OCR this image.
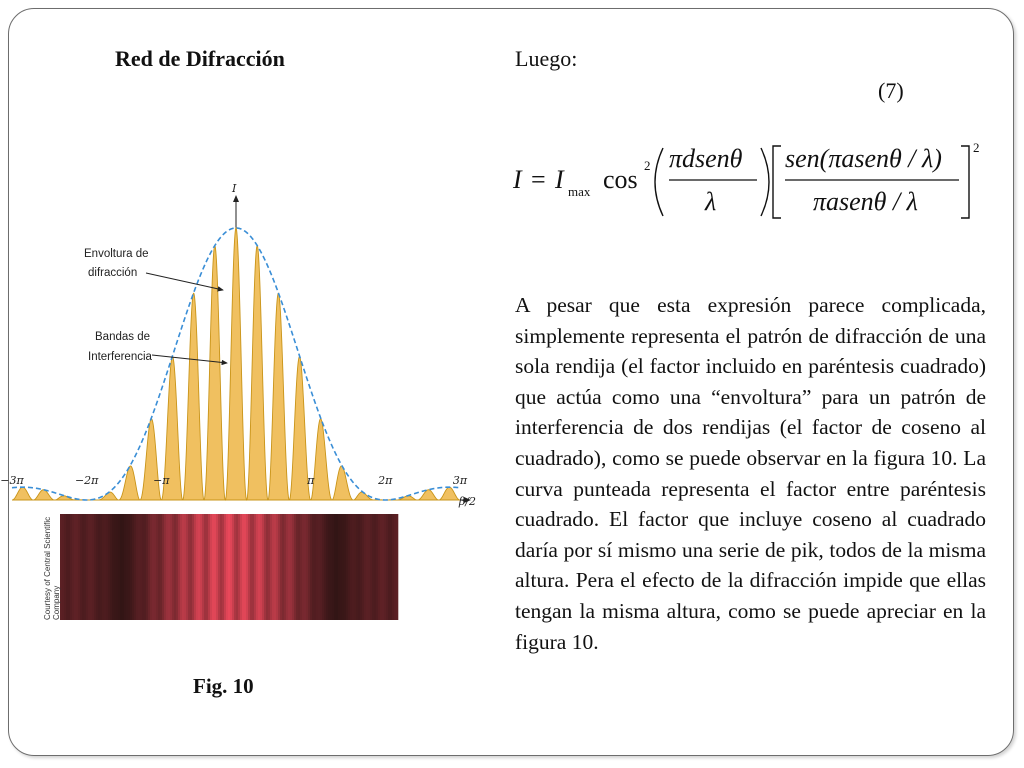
Red de Difracción	Luego:
(7)
I = I max cos 2 πdsenθ
λ
sen(πasenθ / λ)
πasenθ / λ
2

A pesar que esta expresión parece complicada, simplemente representa el patrón de difracción de una sola rendija (el factor incluido en paréntesis cuadrado) que actúa como una “envoltura” para un patrón de interferencia de dos rendijas (el factor de coseno al cuadrado), como se puede observar en la figura 10. La curva punteada representa el factor entre paréntesis cuadrado. El factor que incluye coseno al cuadrado daría por sí mismo una serie de pik, todos de la misma altura. Pera el efecto de la difracción impide que ellas tengan la misma altura, como se puede apreciar en la figura 10.

I
β/2
−3π	−2π	−π	π	2π	3π
Envoltura de
difracción
Bandas de
Interferencia
Courtesy of Central Scientific Company
Fig. 10
